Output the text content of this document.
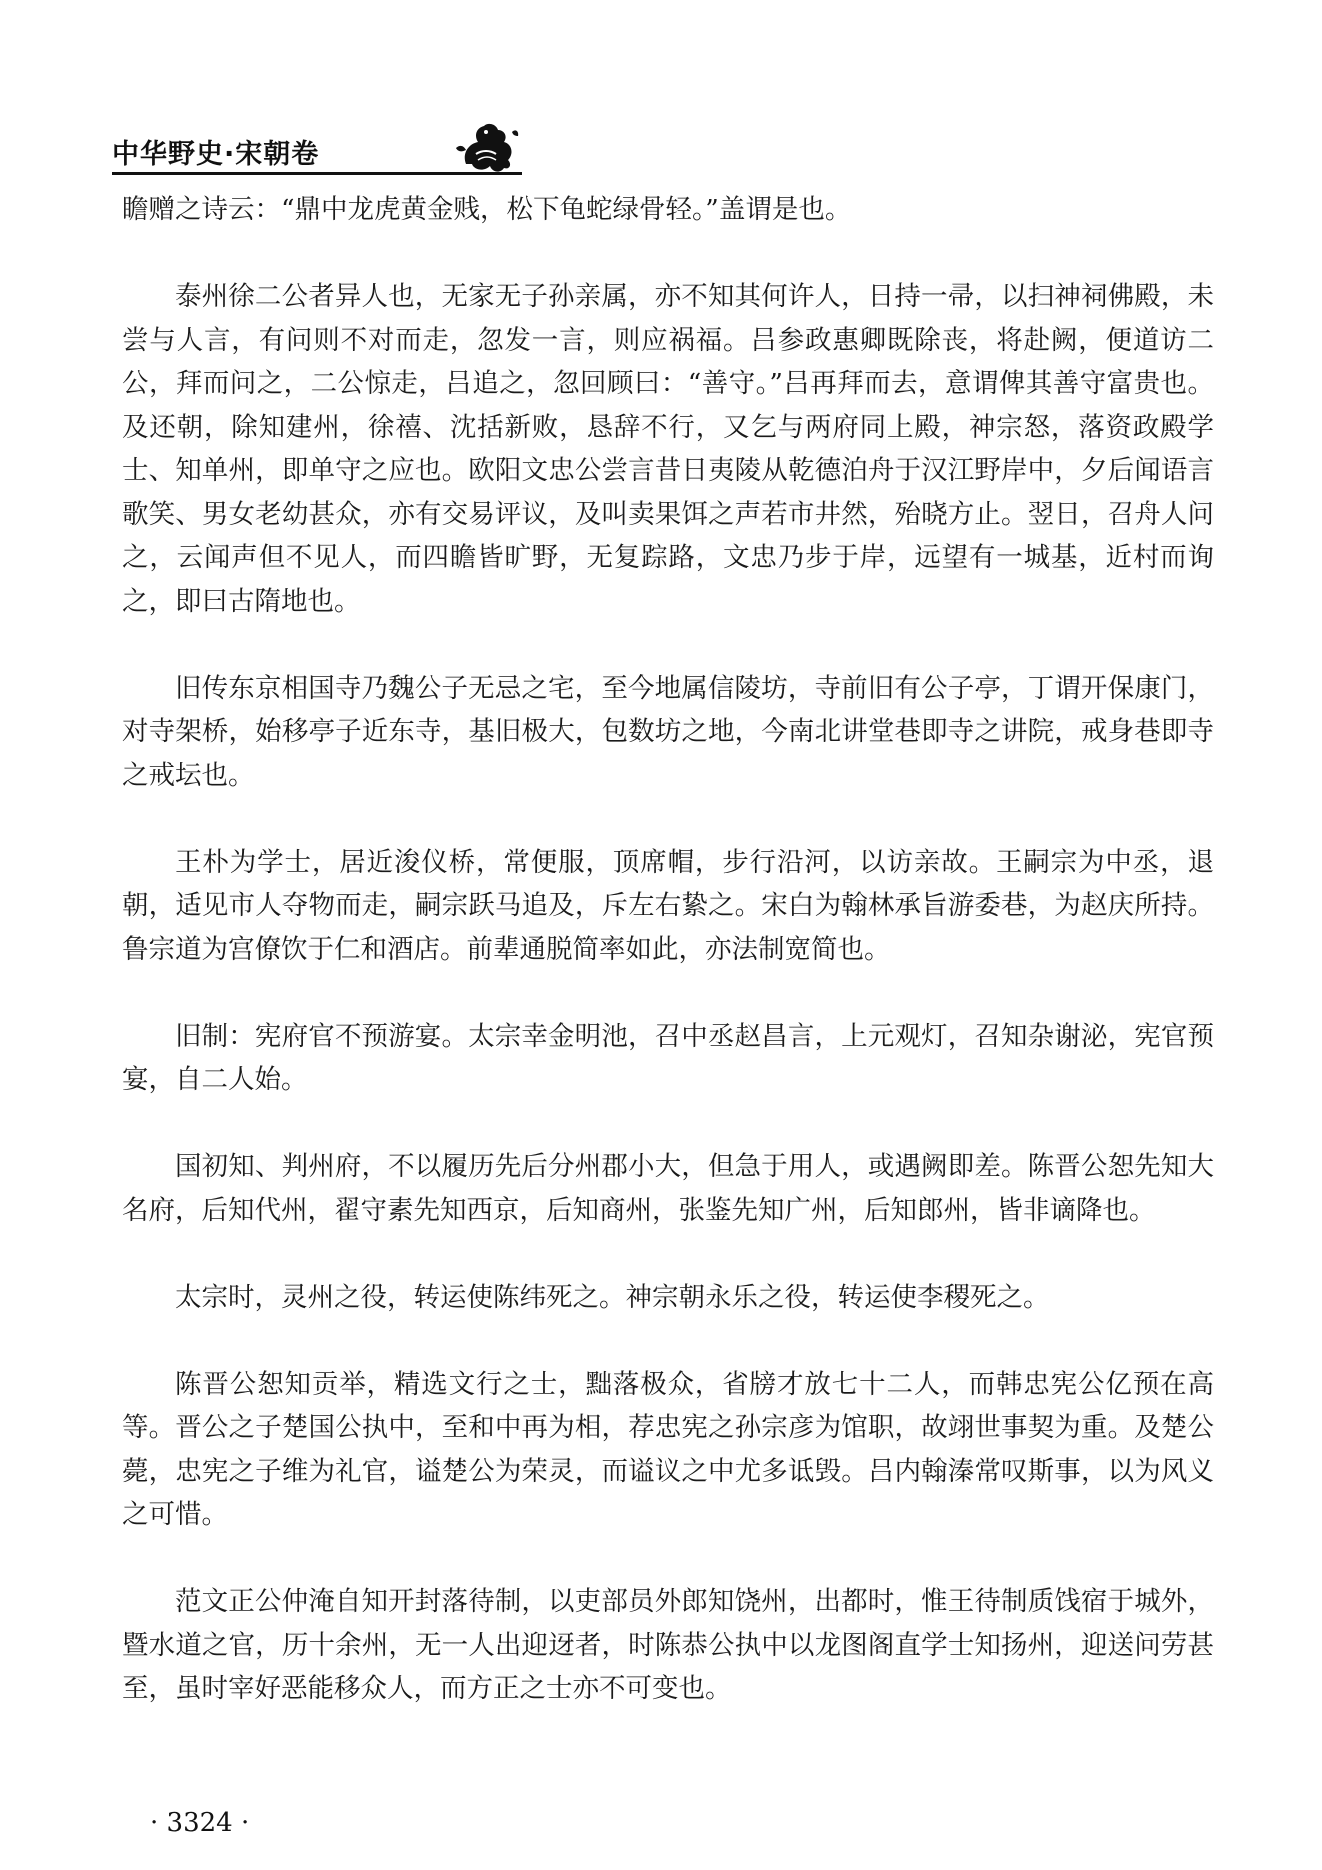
中华野史·宋朝卷

瞻赠之诗云：“鼎中龙虎黄金贱，松下龟蛇绿骨轻。”盖谓是也。

泰州徐二公者异人也，无家无子孙亲属，亦不知其何许人，日持一帚，以扫神祠佛殿，未尝与人言，有问则不对而走，忽发一言，则应祸福。吕参政惠卿既除丧，将赴阙，便道访二公，拜而问之，二公惊走，吕追之，忽回顾曰：“善守。”吕再拜而去，意谓俾其善守富贵也。及还朝，除知建州，徐禧、沈括新败，恳辞不行，又乞与两府同上殿，神宗怒，落资政殿学士、知单州，即单守之应也。欧阳文忠公尝言昔日夷陵从乾德泊舟于汉江野岸中，夕后闻语言歌笑、男女老幼甚众，亦有交易评议，及叫卖果饵之声若市井然，殆晓方止。翌日，召舟人问之，云闻声但不见人，而四瞻皆旷野，无复踪路，文忠乃步于岸，远望有一城基，近村而询之，即曰古隋地也。

旧传东京相国寺乃魏公子无忌之宅，至今地属信陵坊，寺前旧有公子亭，丁谓开保康门，对寺架桥，始移亭子近东寺，基旧极大，包数坊之地，今南北讲堂巷即寺之讲院，戒身巷即寺之戒坛也。

王朴为学士，居近浚仪桥，常便服，顶席帽，步行沿河，以访亲故。王嗣宗为中丞，退朝，适见市人夺物而走，嗣宗跃马追及，斥左右絷之。宋白为翰林承旨游委巷，为赵庆所持。鲁宗道为宫僚饮于仁和酒店。前辈通脱简率如此，亦法制宽简也。

旧制：宪府官不预游宴。太宗幸金明池，召中丞赵昌言，上元观灯，召知杂谢泌，宪官预宴，自二人始。

国初知、判州府，不以履历先后分州郡小大，但急于用人，或遇阙即差。陈晋公恕先知大名府，后知代州，翟守素先知西京，后知商州，张鉴先知广州，后知郎州，皆非谪降也。

太宗时，灵州之役，转运使陈纬死之。神宗朝永乐之役，转运使李稷死之。

陈晋公恕知贡举，精选文行之士，黜落极众，省牓才放七十二人，而韩忠宪公亿预在高等。晋公之子楚国公执中，至和中再为相，荐忠宪之孙宗彦为馆职，故翊世事契为重。及楚公薨，忠宪之子维为礼官，谥楚公为荣灵，而谥议之中尤多诋毁。吕内翰溱常叹斯事，以为风义之可惜。

范文正公仲淹自知开封落待制，以吏部员外郎知饶州，出都时，惟王待制质饯宿于城外，暨水道之官，历十余州，无一人出迎迓者，时陈恭公执中以龙图阁直学士知扬州，迎送问劳甚至，虽时宰好恶能移众人，而方正之士亦不可变也。

· 3324 ·
